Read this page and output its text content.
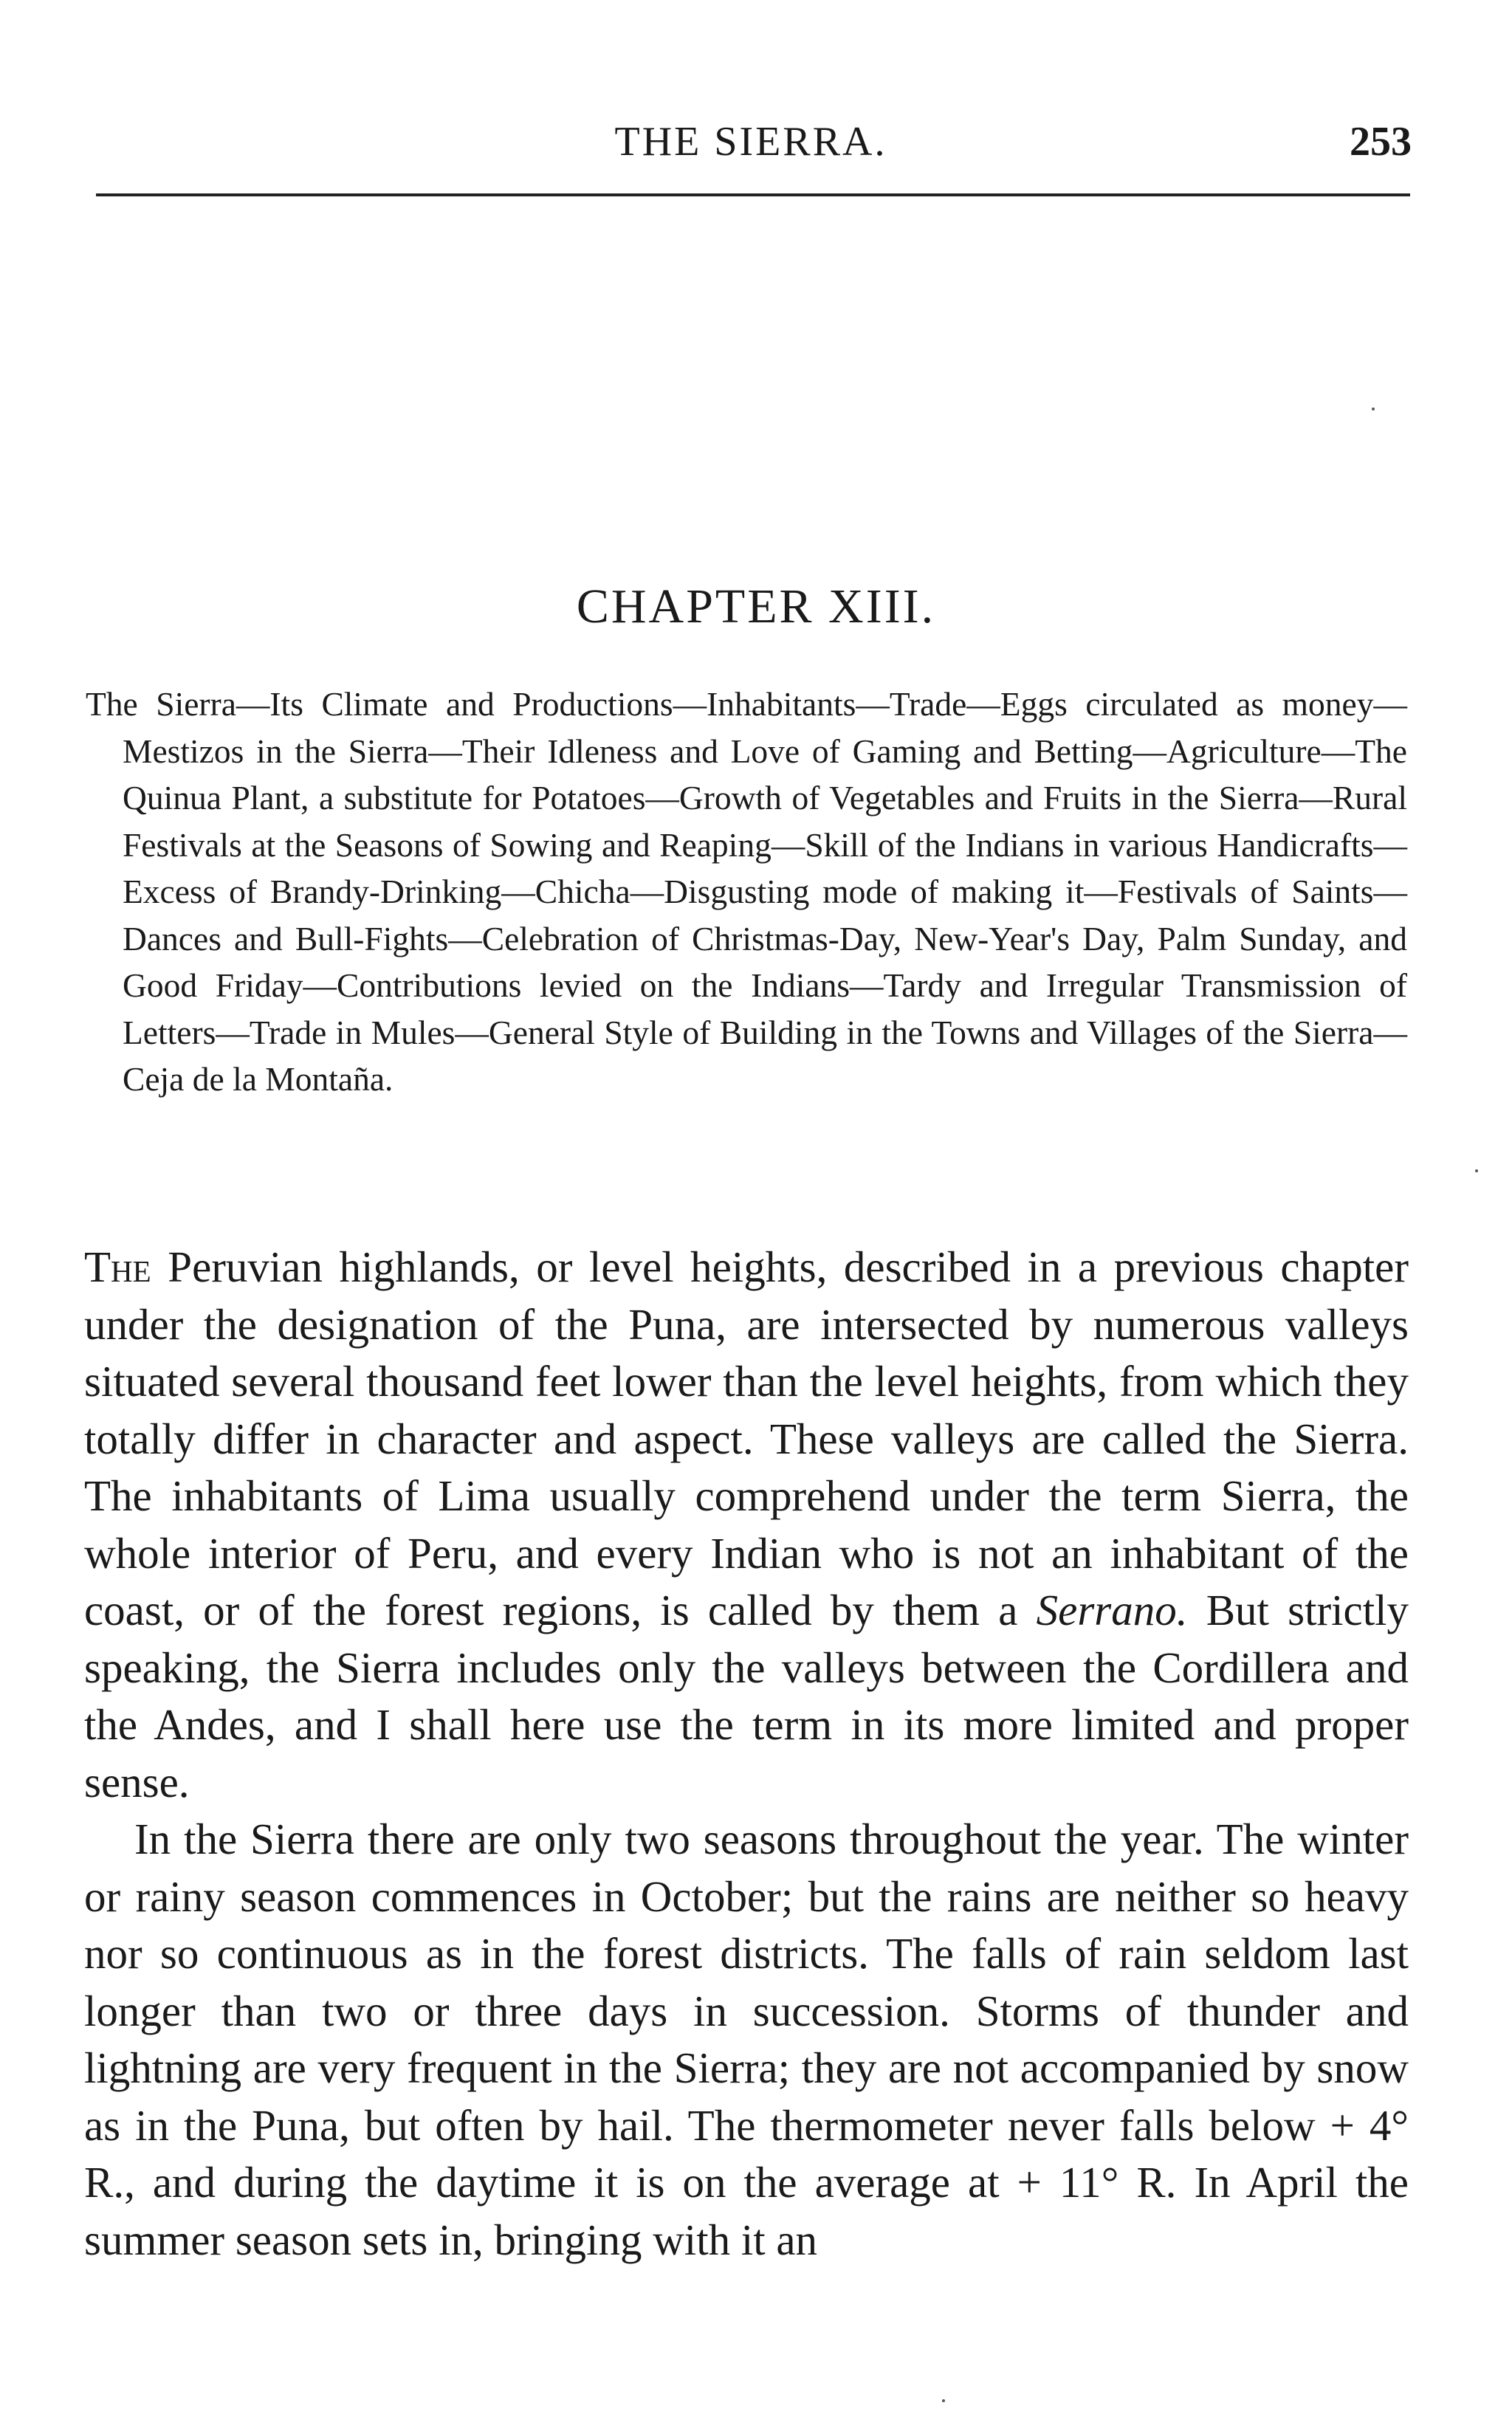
THE SIERRA.	253
CHAPTER XIII.
The Sierra—Its Climate and Productions—Inhabitants—Trade—Eggs circulated as money—Mestizos in the Sierra—Their Idleness and Love of Gaming and Betting—Agriculture—The Quinua Plant, a substitute for Potatoes—Growth of Vegetables and Fruits in the Sierra—Rural Festivals at the Seasons of Sowing and Reaping—Skill of the Indians in various Handicrafts—Excess of Brandy-Drinking—Chicha—Disgusting mode of making it—Festivals of Saints—Dances and Bull-Fights—Celebration of Christmas-Day, New-Year's Day, Palm Sunday, and Good Friday—Contributions levied on the Indians—Tardy and Irregular Transmission of Letters—Trade in Mules—General Style of Building in the Towns and Villages of the Sierra—Ceja de la Montaña.

The Peruvian highlands, or level heights, described in a previous chapter under the designation of the Puna, are intersected by numerous valleys situated several thousand feet lower than the level heights, from which they totally differ in character and aspect. These valleys are called the Sierra. The inhabitants of Lima usually comprehend under the term Sierra, the whole interior of Peru, and every Indian who is not an inhabitant of the coast, or of the forest regions, is called by them a Serrano. But strictly speaking, the Sierra includes only the valleys between the Cordillera and the Andes, and I shall here use the term in its more limited and proper sense.

In the Sierra there are only two seasons throughout the year. The winter or rainy season commences in October; but the rains are neither so heavy nor so continuous as in the forest districts. The falls of rain seldom last longer than two or three days in succession. Storms of thunder and lightning are very frequent in the Sierra; they are not accompanied by snow as in the Puna, but often by hail. The thermometer never falls below + 4° R., and during the daytime it is on the average at + 11° R. In April the summer season sets in, bringing with it an
